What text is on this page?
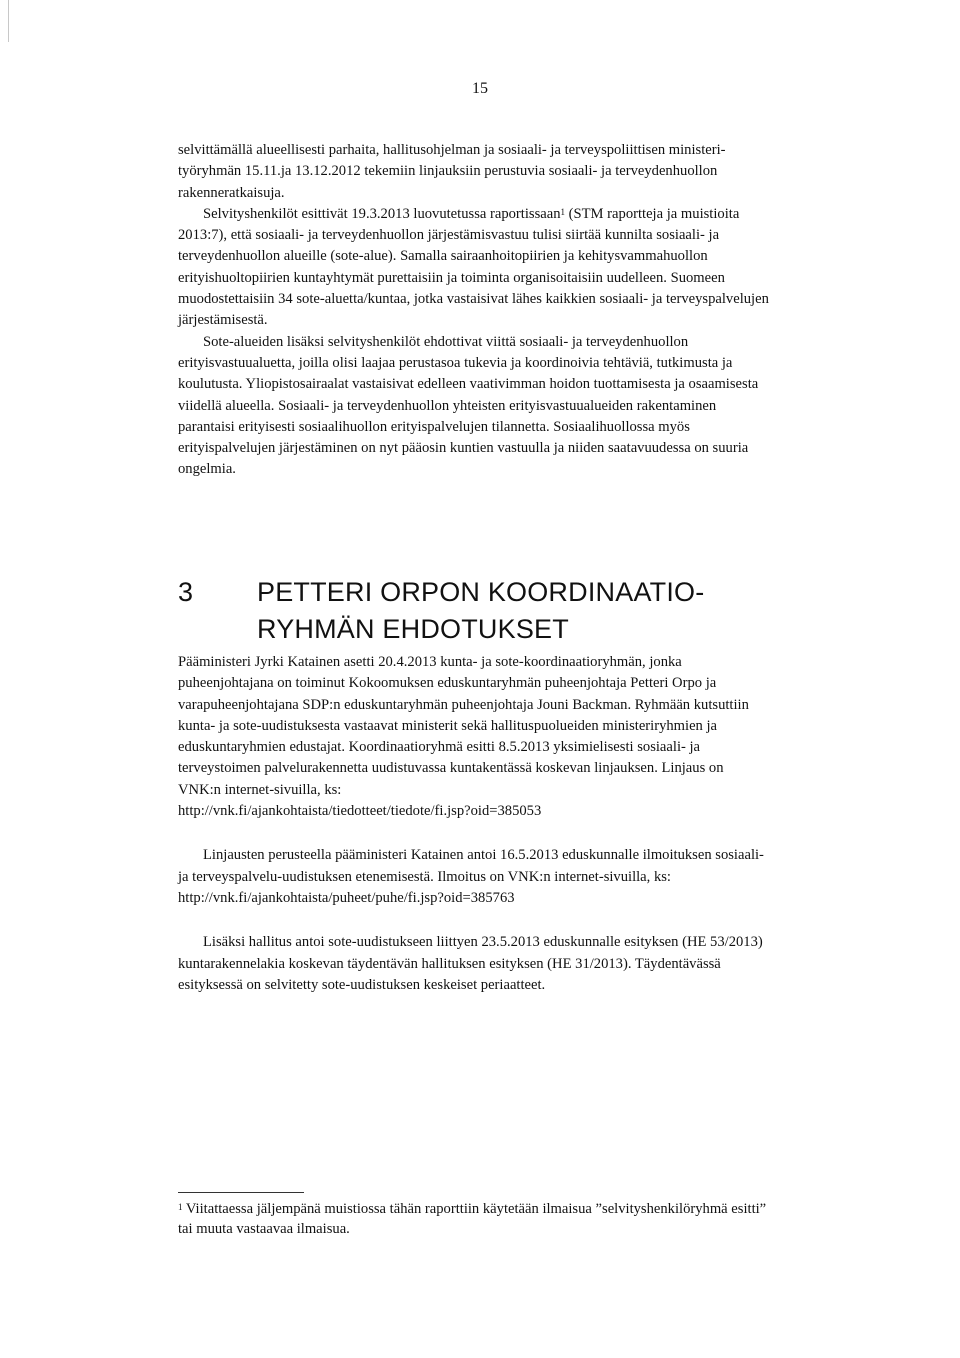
15

selvittämällä alueellisesti parhaita, hallitusohjelman ja sosiaali- ja terveyspoliittisen ministeri-työryhmän 15.11.ja 13.12.2012 tekemiin linjauksiin perustuvia sosiaali- ja terveydenhuollon rakenneratkaisuja.

Selvityshenkilöt esittivät 19.3.2013 luovutetussa raportissaan$^1$ (STM raportteja ja muistioita 2013:7), että sosiaali- ja terveydenhuollon järjestämisvastuu tulisi siirtää kunnilta sosiaali- ja terveydenhuollon alueille (sote-alue). Samalla sairaanhoitopiirien ja kehitysvammahuollon erityishuoltopiirien kuntayhtymät purettaisiin ja toiminta organisoitaisiin uudelleen. Suomeen muodostettaisiin 34 sote-aluetta/kuntaa, jotka vastaisivat lähes kaikkien sosiaali- ja terveyspalvelujen järjestämisestä.

Sote-alueiden lisäksi selvityshenkilöt ehdottivat viittä sosiaali- ja terveydenhuollon erityisvastuualuetta, joilla olisi laajaa perustasoa tukevia ja koordinoivia tehtäviä, tutkimusta ja koulutusta. Yliopistosairaalat vastaisivat edelleen vaativimman hoidon tuottamisesta ja osaamisesta viidellä alueella. Sosiaali- ja terveydenhuollon yhteisten erityisvastuualueiden rakentaminen parantaisi erityisesti sosiaalihuollon erityispalvelujen tilannetta. Sosiaalihuollossa myös erityispalvelujen järjestäminen on nyt pääosin kuntien vastuulla ja niiden saatavuudessa on suuria ongelmia.

3 PETTERI ORPON KOORDINAATIO-
RYHMÄN EHDOTUKSET

Pääministeri Jyrki Katainen asetti 20.4.2013 kunta- ja sote-koordinaatioryhmän, jonka puheenjohtajana on toiminut Kokoomuksen eduskuntaryhmän puheenjohtaja Petteri Orpo ja varapuheenjohtajana SDP:n eduskuntaryhmän puheenjohtaja Jouni Backman. Ryhmään kutsuttiin kunta- ja sote-uudistuksesta vastaavat ministerit sekä hallituspuolueiden ministeriryhmien ja eduskuntaryhmien edustajat. Koordinaatioryhmä esitti 8.5.2013 yksimielisesti sosiaali- ja terveystoimen palvelurakennetta uudistuvassa kuntakentässä koskevan linjauksen. Linjaus on VNK:n internet-sivuilla, ks:

http://vnk.fi/ajankohtaista/tiedotteet/tiedote/fi.jsp?oid=385053

Linjausten perusteella pääministeri Katainen antoi 16.5.2013 eduskunnalle ilmoituksen sosiaali- ja terveyspalvelu-uudistuksen etenemisestä. Ilmoitus on VNK:n internet-sivuilla, ks:

http://vnk.fi/ajankohtaista/puheet/puhe/fi.jsp?oid=385763

Lisäksi hallitus antoi sote-uudistukseen liittyen 23.5.2013 eduskunnalle esityksen (HE 53/2013) kuntarakennelakia koskevan täydentävän hallituksen esityksen (HE 31/2013). Täydentävässä esityksessä on selvitetty sote-uudistuksen keskeiset periaatteet.

$^1$ Viitattaessa jäljempänä muistiossa tähän raporttiin käytetään ilmaisua ”selvityshenkilöryhmä esitti” tai muuta vastaavaa ilmaisua.
